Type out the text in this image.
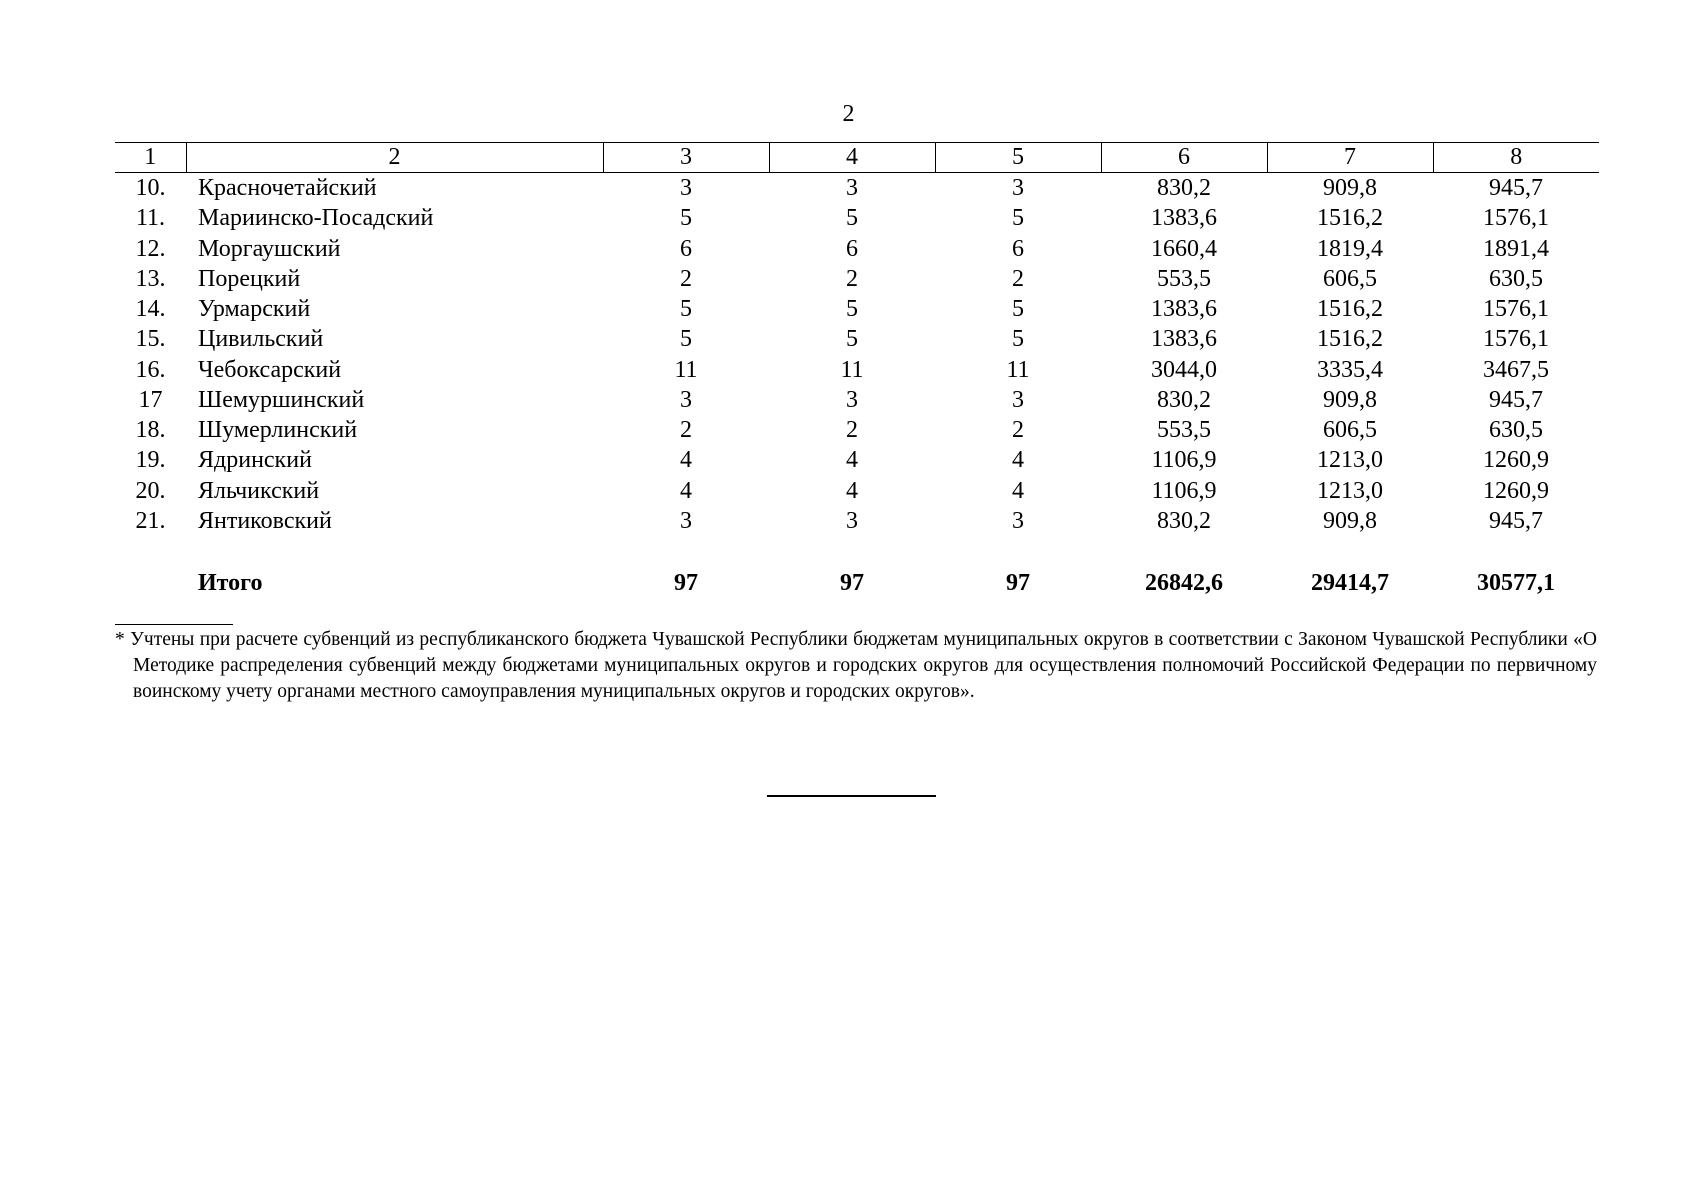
2
1	2	3	4	5	6	7	8
10.	Красночетайский	3	3	3	830,2	909,8	945,7
11.	Мариинско-Посадский	5	5	5	1383,6	1516,2	1576,1
12.	Моргаушский	6	6	6	1660,4	1819,4	1891,4
13.	Порецкий	2	2	2	553,5	606,5	630,5
14.	Урмарский	5	5	5	1383,6	1516,2	1576,1
15.	Цивильский	5	5	5	1383,6	1516,2	1576,1
16.	Чебоксарский	11	11	11	3044,0	3335,4	3467,5
17	Шемуршинский	3	3	3	830,2	909,8	945,7
18.	Шумерлинский	2	2	2	553,5	606,5	630,5
19.	Ядринский	4	4	4	1106,9	1213,0	1260,9
20.	Яльчикский	4	4	4	1106,9	1213,0	1260,9
21.	Янтиковский	3	3	3	830,2	909,8	945,7

	Итого	97	97	97	26842,6	29414,7	30577,1
* Учтены при расчете субвенций из республиканского бюджета Чувашской Республики бюджетам муниципальных округов в соответствии с Законом Чувашской Республики «О Методике распределения субвенций между бюджетами муниципальных округов и городских округов для осуществления полномочий Российской Федерации по первичному воинскому учету органами местного самоуправления муниципальных округов и городских округов».
